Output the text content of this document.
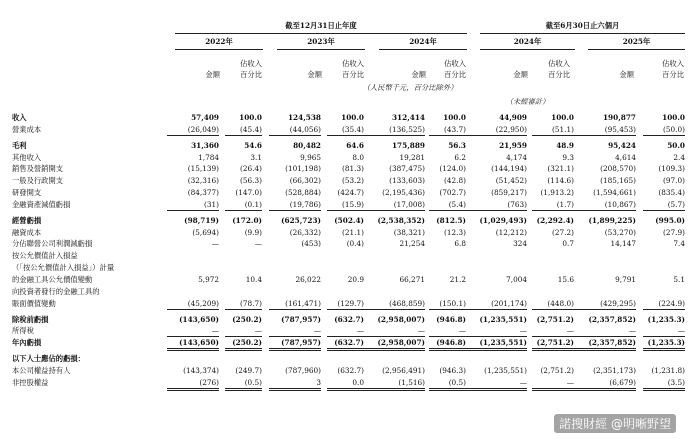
截至12月31日止年度	截至6月30日止六個月
2022年	2023年	2024年	2024年	2025年
佔收入	佔收入	佔收入	佔收入	佔收入
金額	百分比	金額	百分比	金額	百分比	金額	百分比	金額	百分比
（人民幣千元，百分比除外）
（未經審計）
收入	57,409	100.0	124,538	100.0	312,414	100.0	44,909	100.0	190,877	100.0
營業成本	(26,049)	(45.4)	(44,056)	(35.4)	(136,525)	(43.7)	(22,950)	(51.1)	(95,453)	(50.0)
毛利	31,360	54.6	80,482	64.6	175,889	56.3	21,959	48.9	95,424	50.0
其他收入	1,784	3.1	9,965	8.0	19,281	6.2	4,174	9.3	4,614	2.4
銷售及營銷開支	(15,139)	(26.4)	(101,198)	(81.3)	(387,475)	(124.0)	(144,194)	(321.1)	(208,570)	(109.3)
一般及行政開支	(32,316)	(56.3)	(66,302)	(53.2)	(133,603)	(42.8)	(51,452)	(114.6)	(185,165)	(97.0)
研發開支	(84,377)	(147.0)	(528,884)	(424.7)	(2,195,436)	(702.7)	(859,217)	(1,913.2)	(1,594,661)	(835.4)
金融資產減值虧損	(31)	(0.1)	(19,786)	(15.9)	(17,008)	(5.4)	(763)	(1.7)	(10,867)	(5.7)
經營虧損	(98,719)	(172.0)	(625,723)	(502.4)	(2,538,352)	(812.5)	(1,029,493)	(2,292.4)	(1,899,225)	(995.0)
融資成本	(5,694)	(9.9)	(26,332)	(21.1)	(38,321)	(12.3)	(12,212)	(27.2)	(53,270)	(27.9)
分佔聯營公司利潤減虧損	—	—	(453)	(0.4)	21,254	6.8	324	0.7	14,147	7.4
按公允價值計入損益
（「按公允價值計入損益」）計量
的金融工具公允價值變動	5,972	10.4	26,022	20.9	66,271	21.2	7,004	15.6	9,791	5.1
向投資者發行的金融工具的
賬面價值變動	(45,209)	(78.7)	(161,471)	(129.7)	(468,859)	(150.1)	(201,174)	(448.0)	(429,295)	(224.9)
除稅前虧損	(143,650)	(250.2)	(787,957)	(632.7)	(2,958,007)	(946.8)	(1,235,551)	(2,751.2)	(2,357,852)	(1,235.3)
所得稅	—	—	—	—	—	—	—	—	—	—
年內虧損	(143,650)	(250.2)	(787,957)	(632.7)	(2,958,007)	(946.8)	(1,235,551)	(2,751.2)	(2,357,852)	(1,235.3)
以下人士應佔的虧損：
本公司權益持有人	(143,374)	(249.7)	(787,960)	(632.7)	(2,956,491)	(946.3)	(1,235,551)	(2,751.2)	(2,351,173)	(1,231.8)
非控股權益	(276)	(0.5)	3	0.0	(1,516)	(0.5)	—	—	(6,679)	(3.5)
諾搜財經 @明晰野望
